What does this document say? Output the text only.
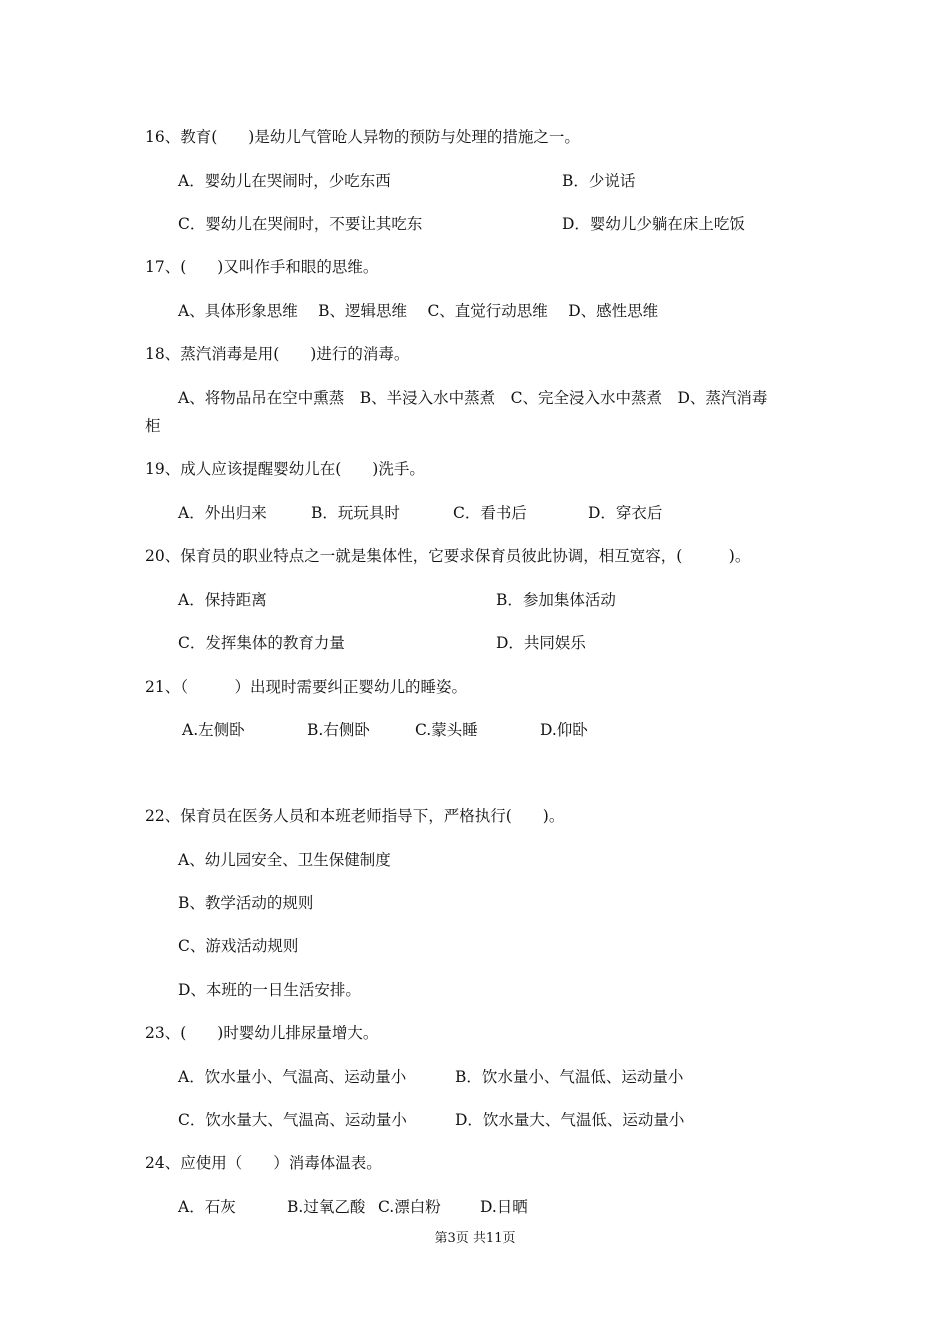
16、教育(　　)是幼儿气管呛人异物的预防与处理的措施之一。
A．婴幼儿在哭闹时，少吃东西	B．少说话
C．婴幼儿在哭闹时，不要让其吃东	D．婴幼儿少躺在床上吃饭
17、(　　)又叫作手和眼的思维。
A、具体形象思维　 B、逻辑思维　 C、直觉行动思维　 D、感性思维
18、蒸汽消毒是用(　　)进行的消毒。
A、将物品吊在空中熏蒸　B、半浸入水中蒸煮　C、完全浸入水中蒸煮　D、蒸汽消毒
柜
19、成人应该提醒婴幼儿在(　　)洗手。
A．外出归来	B．玩玩具时	C．看书后	D．穿衣后
20、保育员的职业特点之一就是集体性，它要求保育员彼此协调，相互宽容，(　　　)。
A．保持距离	B．参加集体活动
C．发挥集体的教育力量	D．共同娱乐
21、（　　　）出现时需要纠正婴幼儿的睡姿。
A.左侧卧	B.右侧卧	C.蒙头睡	D.仰卧
22、保育员在医务人员和本班老师指导下，严格执行(　　)。
A、幼儿园安全、卫生保健制度
B、教学活动的规则
C、游戏活动规则
D、本班的一日生活安排。
23、(　　)时婴幼儿排尿量增大。
A．饮水量小、气温高、运动量小	B．饮水量小、气温低、运动量小
C．饮水量大、气温高、运动量小	D．饮水量大、气温低、运动量小
24、应使用（　　）消毒体温表。
A．石灰	B.过氧乙酸 C.漂白粉	D.日晒
第3页 共11页
